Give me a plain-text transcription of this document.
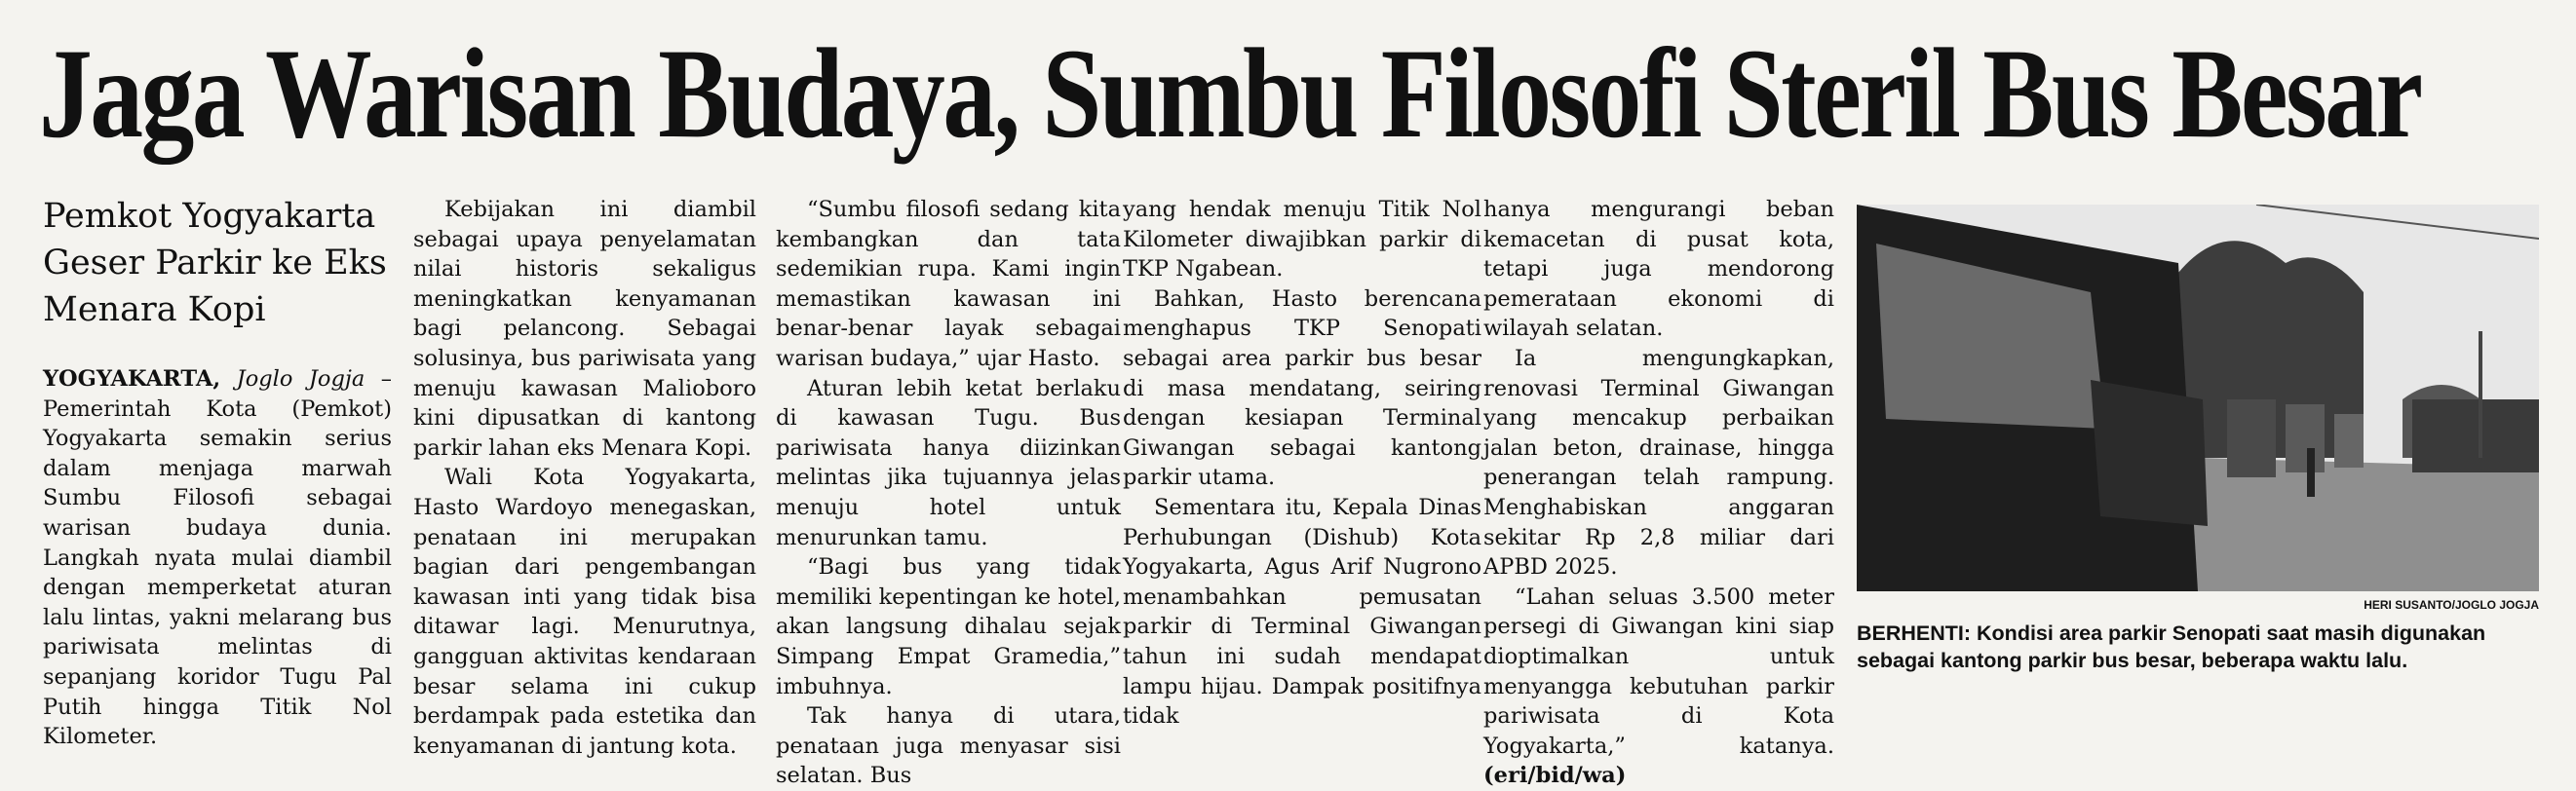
Jaga Warisan Budaya, Sumbu Filosofi Steril Bus Besar
Pemkot Yogyakarta Geser Parkir ke Eks Menara Kopi

YOGYAKARTA, Joglo Jogja – Pemerintah Kota (Pemkot) Yogyakarta semakin serius dalam menjaga marwah Sumbu Filosofi sebagai warisan budaya dunia. Langkah nyata mulai diambil dengan memperketat aturan lalu lintas, yakni melarang bus pariwisata melintas di sepanjang koridor Tugu Pal Putih hingga Titik Nol Kilometer.

Kebijakan ini diambil sebagai upaya penyelamatan nilai historis sekaligus meningkatkan kenyamanan bagi pelancong. Sebagai solusinya, bus pariwisata yang menuju kawasan Malioboro kini dipusatkan di kantong parkir lahan eks Menara Kopi.

Wali Kota Yogyakarta, Hasto Wardoyo menegaskan, penataan ini merupakan bagian dari pengembangan kawasan inti yang tidak bisa ditawar lagi. Menurutnya, gangguan aktivitas kendaraan besar selama ini cukup berdampak pada estetika dan kenyamanan di jantung kota.

“Sumbu filosofi sedang kita kembangkan dan tata sedemikian rupa. Kami ingin memastikan kawasan ini benar-benar layak sebagai warisan budaya,” ujar Hasto.

Aturan lebih ketat berlaku di kawasan Tugu. Bus pariwisata hanya diizinkan melintas jika tujuannya jelas menuju hotel untuk menurunkan tamu.

“Bagi bus yang tidak memiliki kepentingan ke hotel, akan langsung dihalau sejak Simpang Empat Gramedia,” imbuhnya.

Tak hanya di utara, penataan juga menyasar sisi selatan. Bus

yang hendak menuju Titik Nol Kilometer diwajibkan parkir di TKP Ngabean.

Bahkan, Hasto berencana menghapus TKP Senopati sebagai area parkir bus besar di masa mendatang, seiring dengan kesiapan Terminal Giwangan sebagai kantong parkir utama.

Sementara itu, Kepala Dinas Perhubungan (Dishub) Kota Yogyakarta, Agus Arif Nugrono menambahkan pemusatan parkir di Terminal Giwangan tahun ini sudah mendapat lampu hijau. Dampak positifnya tidak

hanya mengurangi beban kemacetan di pusat kota, tetapi juga mendorong pemerataan ekonomi di wilayah selatan.

Ia mengungkapkan, renovasi Terminal Giwangan yang mencakup perbaikan jalan beton, drainase, hingga penerangan telah rampung. Menghabiskan anggaran sekitar Rp 2,8 miliar dari APBD 2025.

“Lahan seluas 3.500 meter persegi di Giwangan kini siap dioptimalkan untuk menyangga kebutuhan parkir pariwisata di Kota Yogyakarta,” katanya. (eri/bid/wa)

HERI SUSANTO/JOGLO JOGJA
BERHENTI: Kondisi area parkir Senopati saat masih digunakan sebagai kantong parkir bus besar, beberapa waktu lalu.
